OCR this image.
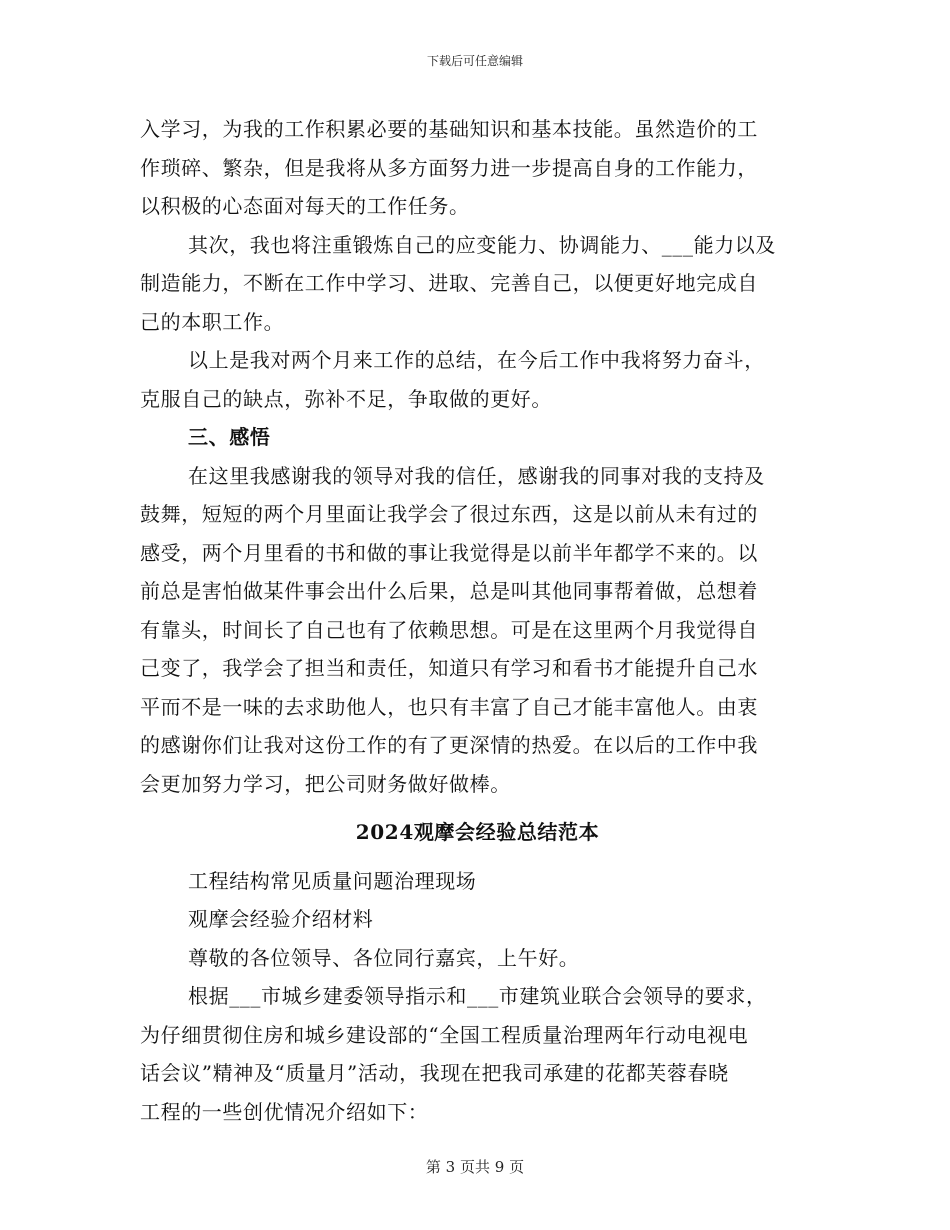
下载后可任意编辑
入学习，为我的工作积累必要的基础知识和基本技能。虽然造价的工
作琐碎、繁杂，但是我将从多方面努力进一步提高自身的工作能力，
以积极的心态面对每天的工作任务。
其次，我也将注重锻炼自己的应变能力、协调能力、___能力以及
制造能力，不断在工作中学习、进取、完善自己，以便更好地完成自
己的本职工作。
以上是我对两个月来工作的总结，在今后工作中我将努力奋斗，
克服自己的缺点，弥补不足，争取做的更好。
三、感悟
在这里我感谢我的领导对我的信任，感谢我的同事对我的支持及
鼓舞，短短的两个月里面让我学会了很过东西，这是以前从未有过的
感受，两个月里看的书和做的事让我觉得是以前半年都学不来的。以
前总是害怕做某件事会出什么后果，总是叫其他同事帮着做，总想着
有靠头，时间长了自己也有了依赖思想。可是在这里两个月我觉得自
己变了，我学会了担当和责任，知道只有学习和看书才能提升自己水
平而不是一味的去求助他人，也只有丰富了自己才能丰富他人。由衷
的感谢你们让我对这份工作的有了更深情的热爱。在以后的工作中我
会更加努力学习，把公司财务做好做棒。
2024观摩会经验总结范本
工程结构常见质量问题治理现场
观摩会经验介绍材料
尊敬的各位领导、各位同行嘉宾，上午好。
根据___市城乡建委领导指示和___市建筑业联合会领导的要求，
为仔细贯彻住房和城乡建设部的“全国工程质量治理两年行动电视电
话会议”精神及“质量月”活动，我现在把我司承建的花都芙蓉春晓
工程的一些创优情况介绍如下：
第 3 页共 9 页
